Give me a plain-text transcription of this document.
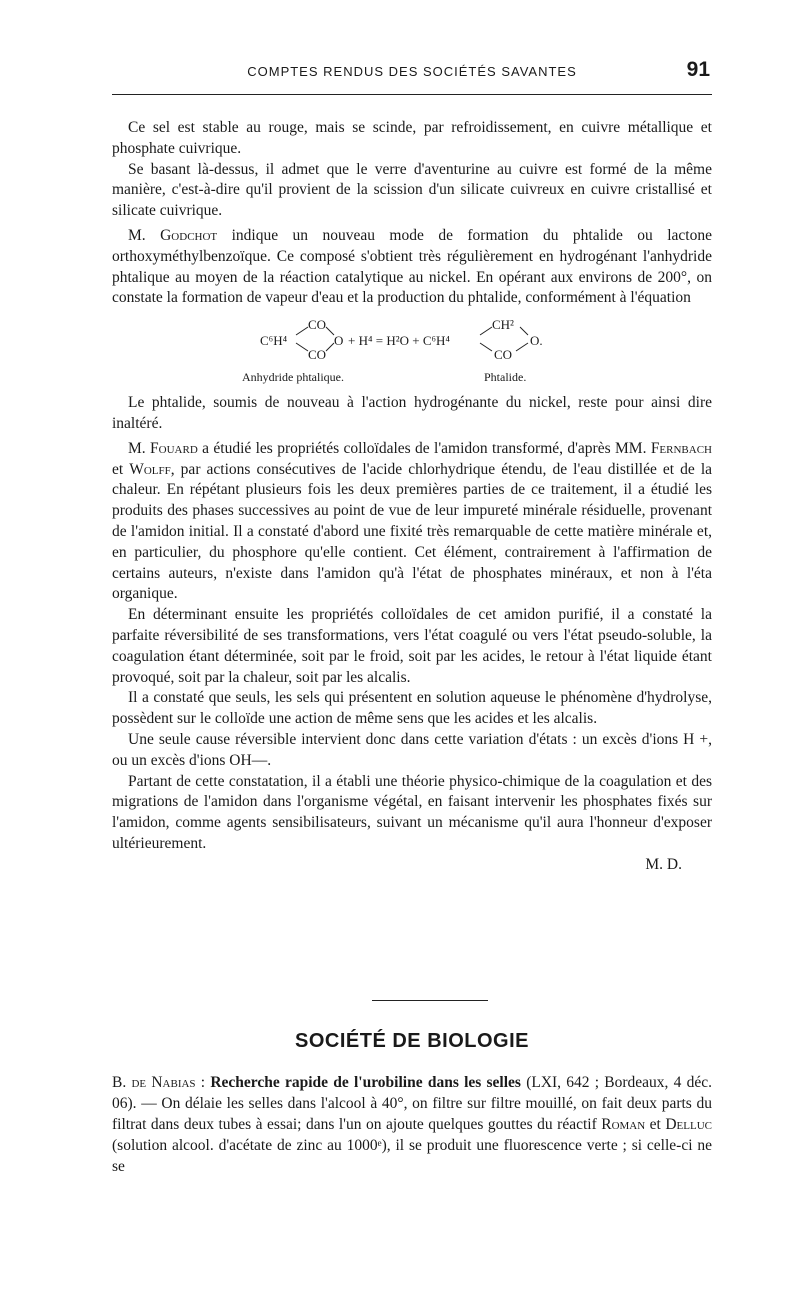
COMPTES RENDUS DES SOCIÉTÉS SAVANTES	91

Ce sel est stable au rouge, mais se scinde, par refroidissement, en cuivre métallique et phosphate cuivrique.

Se basant là-dessus, il admet que le verre d'aventurine au cuivre est formé de la même manière, c'est-à-dire qu'il provient de la scission d'un silicate cuivreux en cuivre cristallisé et silicate cuivrique.

M. Godchot indique un nouveau mode de formation du phtalide ou lactone orthoxyméthylbenzoïque. Ce composé s'obtient très régulièrement en hydrogénant l'anhydride phtalique au moyen de la réaction catalytique au nickel. En opérant aux environs de 200°, on constate la formation de vapeur d'eau et la production du phtalide, conformément à l'équation

CO
C⁶H⁴	O + H⁴ = H²O + C⁶H⁴
CO
CH²
O.
CO
Anhydride phtalique.	Phtalide.

Le phtalide, soumis de nouveau à l'action hydrogénante du nickel, reste pour ainsi dire inaltéré.

M. Fouard a étudié les propriétés colloïdales de l'amidon transformé, d'après MM. Fernbach et Wolff, par actions consécutives de l'acide chlorhydrique étendu, de l'eau distillée et de la chaleur. En répétant plusieurs fois les deux premières parties de ce traitement, il a étudié les produits des phases successives au point de vue de leur impureté minérale résiduelle, provenant de l'amidon initial. Il a constaté d'abord une fixité très remarquable de cette matière minérale et, en particulier, du phosphore qu'elle contient. Cet élément, contrairement à l'affirmation de certains auteurs, n'existe dans l'amidon qu'à l'état de phosphates minéraux, et non à l'éta organique.

En déterminant ensuite les propriétés colloïdales de cet amidon purifié, il a constaté la parfaite réversibilité de ses transformations, vers l'état coagulé ou vers l'état pseudo-soluble, la coagulation étant déterminée, soit par le froid, soit par les acides, le retour à l'état liquide étant provoqué, soit par la chaleur, soit par les alcalis.

Il a constaté que seuls, les sels qui présentent en solution aqueuse le phénomène d'hydrolyse, possèdent sur le colloïde une action de même sens que les acides et les alcalis.

Une seule cause réversible intervient donc dans cette variation d'états : un excès d'ions H +, ou un excès d'ions OH—.

Partant de cette constatation, il a établi une théorie physico-chimique de la coagulation et des migrations de l'amidon dans l'organisme végétal, en faisant intervenir les phosphates fixés sur l'amidon, comme agents sensibilisateurs, suivant un mécanisme qu'il aura l'honneur d'exposer ultérieurement.

M. D.

SOCIÉTÉ DE BIOLOGIE

B. de Nabias : Recherche rapide de l'urobiline dans les selles (LXI, 642 ; Bordeaux, 4 déc. 06). — On délaie les selles dans l'alcool à 40°, on filtre sur filtre mouillé, on fait deux parts du filtrat dans deux tubes à essai; dans l'un on ajoute quelques gouttes du réactif Roman et Delluc (solution alcool. d'acétate de zinc au 1000ᵉ), il se produit une fluorescence verte ; si celle-ci ne se
